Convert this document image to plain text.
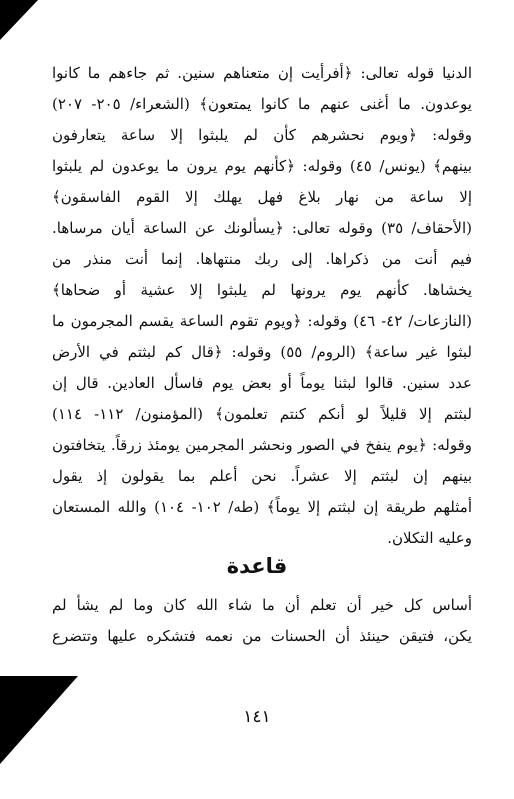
الدنيا قوله تعالى: ﴿أفرأيت إن متعناهم سنين. ثم جاءهم ما كانوا
يوعدون. ما أغنى عنهم ما كانوا يمتعون﴾ (الشعراء/ ٢٠٥- ٢٠٧)
وقوله: ﴿ويوم نحشرهم كأن لم يلبثوا إلا ساعة يتعارفون
بينهم﴾ (يونس/ ٤٥) وقوله: ﴿كأنهم يوم يرون ما يوعدون لم يلبثوا
إلا ساعة من نهار بلاغ فهل يهلك إلا القوم الفاسقون﴾
(الأحقاف/ ٣٥) وقوله تعالى: ﴿يسألونك عن الساعة أيان مرساها.
فيم أنت من ذكراها. إلى ربك منتهاها. إنما أنت منذر من
يخشاها. كأنهم يوم يرونها لم يلبثوا إلا عشية أو ضحاها﴾
(النازعات/ ٤٢- ٤٦) وقوله: ﴿ويوم تقوم الساعة يقسم المجرمون ما
لبثوا غير ساعة﴾ (الروم/ ٥٥) وقوله: ﴿قال كم لبثتم في الأرض
عدد سنين. قالوا لبثنا يوماً أو بعض يوم فاسأل العادين. قال إن
لبثتم إلا قليلاً لو أنكم كنتم تعلمون﴾ (المؤمنون/ ١١٢- ١١٤)
وقوله: ﴿يوم ينفخ في الصور ونحشر المجرمين يومئذ زرقاً. يتخافتون
بينهم إن لبثتم إلا عشراً. نحن أعلم بما يقولون إذ يقول
أمثلهم طريقة إن لبثتم إلا يوماً﴾ (طه/ ١٠٢- ١٠٤) والله المستعان
وعليه التكلان.
قاعدة
أساس كل خير أن تعلم أن ما شاء الله كان وما لم يشأ لم
يكن، فتيقن حينئذ أن الحسنات من نعمه فتشكره عليها وتتضرع
١٤١
